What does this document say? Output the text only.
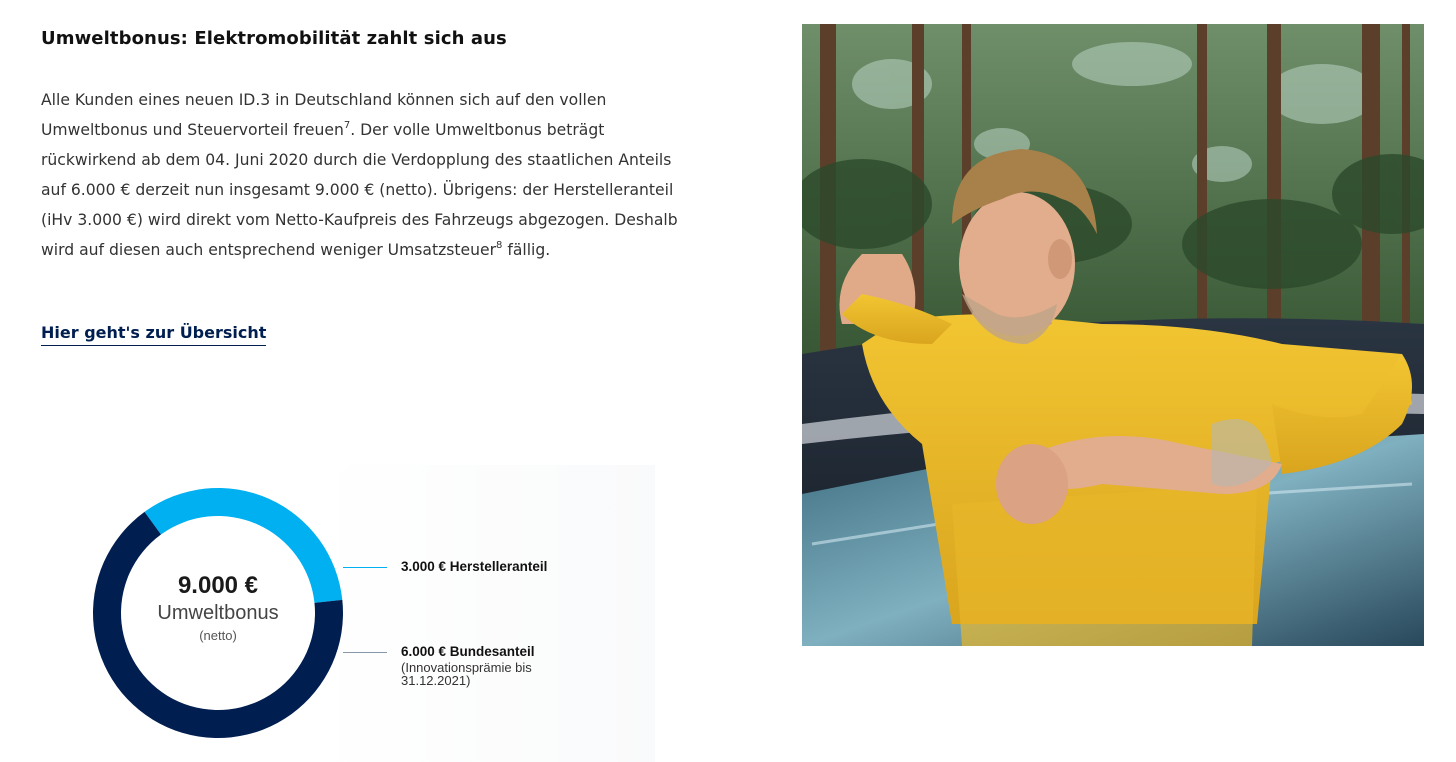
Umweltbonus: Elektromobilität zahlt sich aus

Alle Kunden eines neuen ID.3 in Deutschland können sich auf den vollen Umweltbonus und Steuervorteil freuen$^7$. Der volle Umweltbonus beträgt rückwirkend ab dem 04. Juni 2020 durch die Verdopplung des staatlichen Anteils auf 6.000 € derzeit nun insgesamt 9.000 € (netto). Übrigens: der Herstelleranteil (iHv 3.000 €) wird direkt vom Netto-Kaufpreis des Fahrzeugs abgezogen. Deshalb wird auf diesen auch entsprechend weniger Umsatzsteuer$^8$ fällig.

Hier geht's zur Übersicht
9.000 €
Umweltbonus
(netto)
3.000 € Herstelleranteil
6.000 € Bundesanteil
(Innovationsprämie bis 31.12.2021)
